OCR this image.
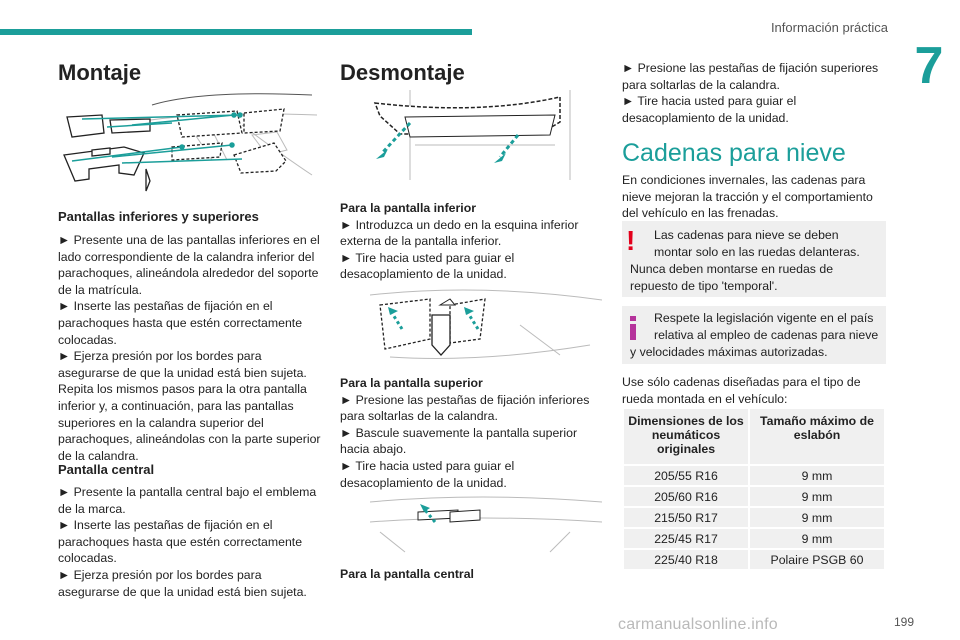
Información práctica
7
Montaje
Pantallas inferiores y superiores
► Presente una de las pantallas inferiores en el
lado correspondiente de la calandra inferior del
parachoques, alineándola alrededor del soporte
de la matrícula.
► Inserte las pestañas de fijación en el
parachoques hasta que estén correctamente
colocadas.
► Ejerza presión por los bordes para
asegurarse de que la unidad está bien sujeta.
Repita los mismos pasos para la otra pantalla
inferior y, a continuación, para las pantallas
superiores en la calandra superior del
parachoques, alineándolas con la parte superior
de la calandra.
Pantalla central
► Presente la pantalla central bajo el emblema
de la marca.
► Inserte las pestañas de fijación en el
parachoques hasta que estén correctamente
colocadas.
► Ejerza presión por los bordes para
asegurarse de que la unidad está bien sujeta.
Desmontaje
Para la pantalla inferior
► Introduzca un dedo en la esquina inferior
externa de la pantalla inferior.
► Tire hacia usted para guiar el
desacoplamiento de la unidad.
Para la pantalla superior
► Presione las pestañas de fijación inferiores
para soltarlas de la calandra.
► Bascule suavemente la pantalla superior
hacia abajo.
► Tire hacia usted para guiar el
desacoplamiento de la unidad.
Para la pantalla central
► Presione las pestañas de fijación superiores
para soltarlas de la calandra.
► Tire hacia usted para guiar el
desacoplamiento de la unidad.
Cadenas para nieve
En condiciones invernales, las cadenas para
nieve mejoran la tracción y el comportamiento
del vehículo en las frenadas.
!	Las cadenas para nieve se deben
montar solo en las ruedas delanteras.
Nunca deben montarse en ruedas de
repuesto de tipo 'temporal'.
Respete la legislación vigente en el país
relativa al empleo de cadenas para nieve
y velocidades máximas autorizadas.
Use sólo cadenas diseñadas para el tipo de
rueda montada en el vehículo:
Dimensiones de los neumáticos originales	Tamaño máximo de eslabón
205/55 R16	9 mm
205/60 R16	9 mm
215/50 R17	9 mm
225/45 R17	9 mm
225/40 R18	Polaire PSGB 60
199
carmanualsonline.info
